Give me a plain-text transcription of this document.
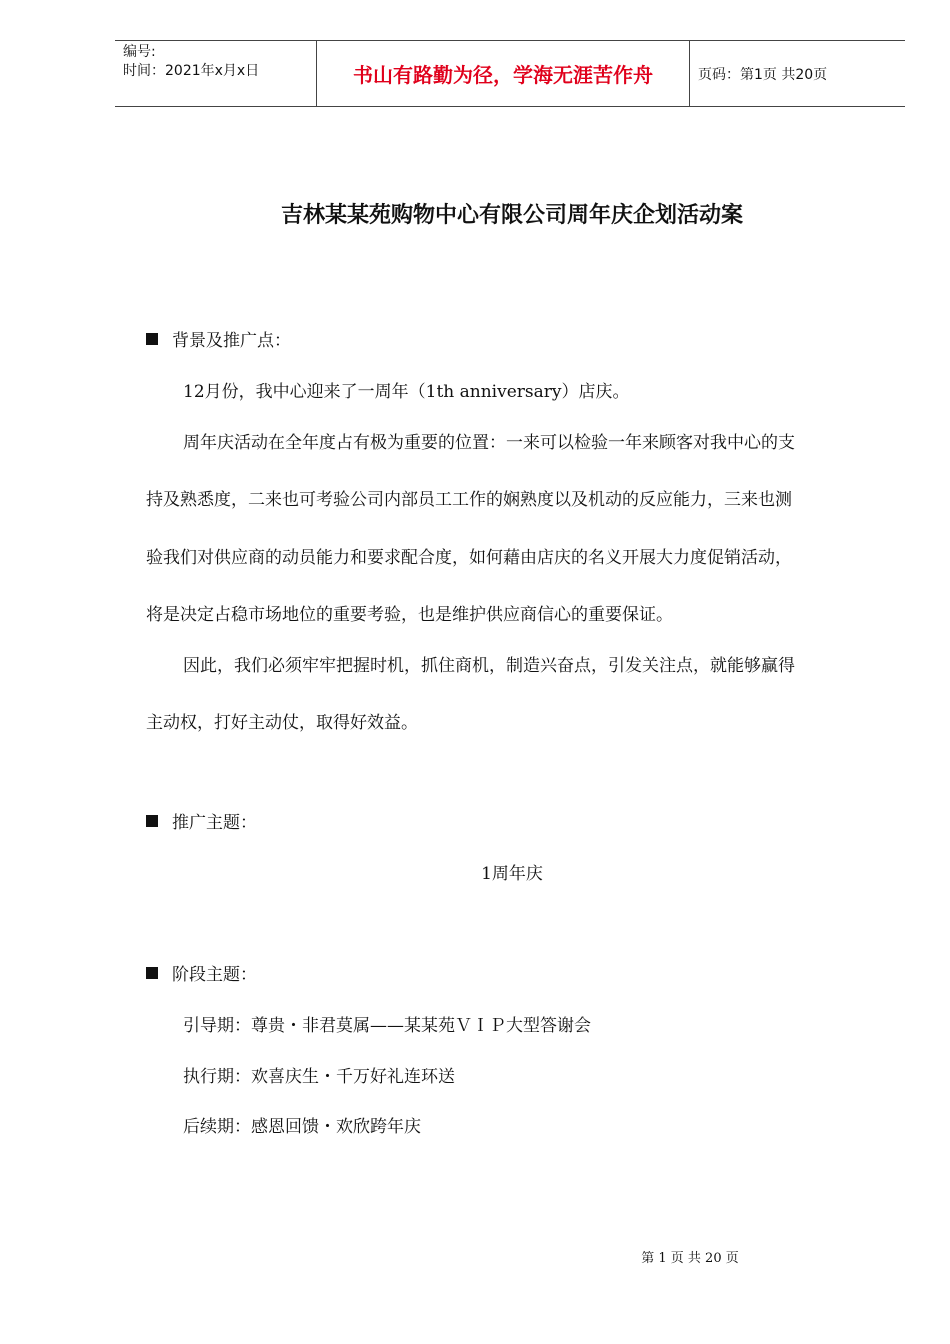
编号:
时间：2021年x月x日	书山有路勤为径，学海无涯苦作舟	页码：第1页 共20页
吉林某某苑购物中心有限公司周年庆企划活动案
背景及推广点：
12月份，我中心迎来了一周年（1th anniversary）店庆。
周年庆活动在全年度占有极为重要的位置：一来可以检验一年来顾客对我中心的支
持及熟悉度，二来也可考验公司内部员工工作的娴熟度以及机动的反应能力，三来也测
验我们对供应商的动员能力和要求配合度，如何藉由店庆的名义开展大力度促销活动，
将是决定占稳市场地位的重要考验，也是维护供应商信心的重要保证。
因此，我们必须牢牢把握时机，抓住商机，制造兴奋点，引发关注点，就能够赢得
主动权，打好主动仗，取得好效益。
推广主题：
1周年庆
阶段主题：
引导期：尊贵・非君莫属——某某苑ＶＩＰ大型答谢会
执行期：欢喜庆生・千万好礼连环送
后续期：感恩回馈・欢欣跨年庆
第 1 页 共 20 页
